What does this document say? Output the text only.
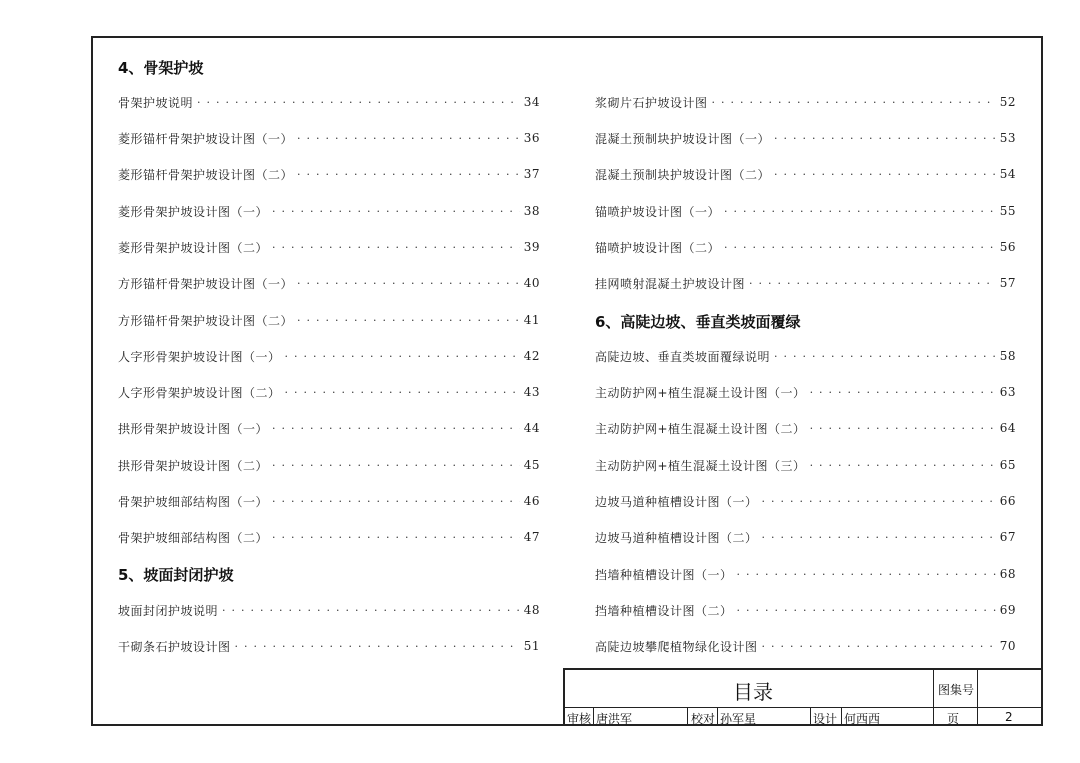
4、骨架护坡
骨架护坡说明 ·····	34
菱形锚杆骨架护坡设计图（一） ·····	36
菱形锚杆骨架护坡设计图（二） ·····	37
菱形骨架护坡设计图（一） ·····	38
菱形骨架护坡设计图（二） ·····	39
方形锚杆骨架护坡设计图（一） ·····	40
方形锚杆骨架护坡设计图（二） ·····	41
人字形骨架护坡设计图（一） ·····	42
人字形骨架护坡设计图（二） ·····	43
拱形骨架护坡设计图（一） ·····	44
拱形骨架护坡设计图（二） ·····	45
骨架护坡细部结构图（一） ·····	46
骨架护坡细部结构图（二） ·····	47
5、坡面封闭护坡
坡面封闭护坡说明 ·····	48
干砌条石护坡设计图 ·····	51
浆砌片石护坡设计图 ·····	52
混凝土预制块护坡设计图（一） ·····	53
混凝土预制块护坡设计图（二） ·····	54
锚喷护坡设计图（一） ·····	55
锚喷护坡设计图（二） ·····	56
挂网喷射混凝土护坡设计图 ·····	57
6、高陡边坡、垂直类坡面覆绿
高陡边坡、垂直类坡面覆绿说明 ·····	58
主动防护网+植生混凝土设计图（一） ·····	63
主动防护网+植生混凝土设计图（二） ·····	64
主动防护网+植生混凝土设计图（三） ·····	65
边坡马道种植槽设计图（一） ·····	66
边坡马道种植槽设计图（二） ·····	67
挡墙种植槽设计图（一） ·····	68
挡墙种植槽设计图（二） ·····	69
高陡边坡攀爬植物绿化设计图 ·····	70
目录	图集号
审核 唐洪军	校对 孙军星	设计 何西西	页	2
